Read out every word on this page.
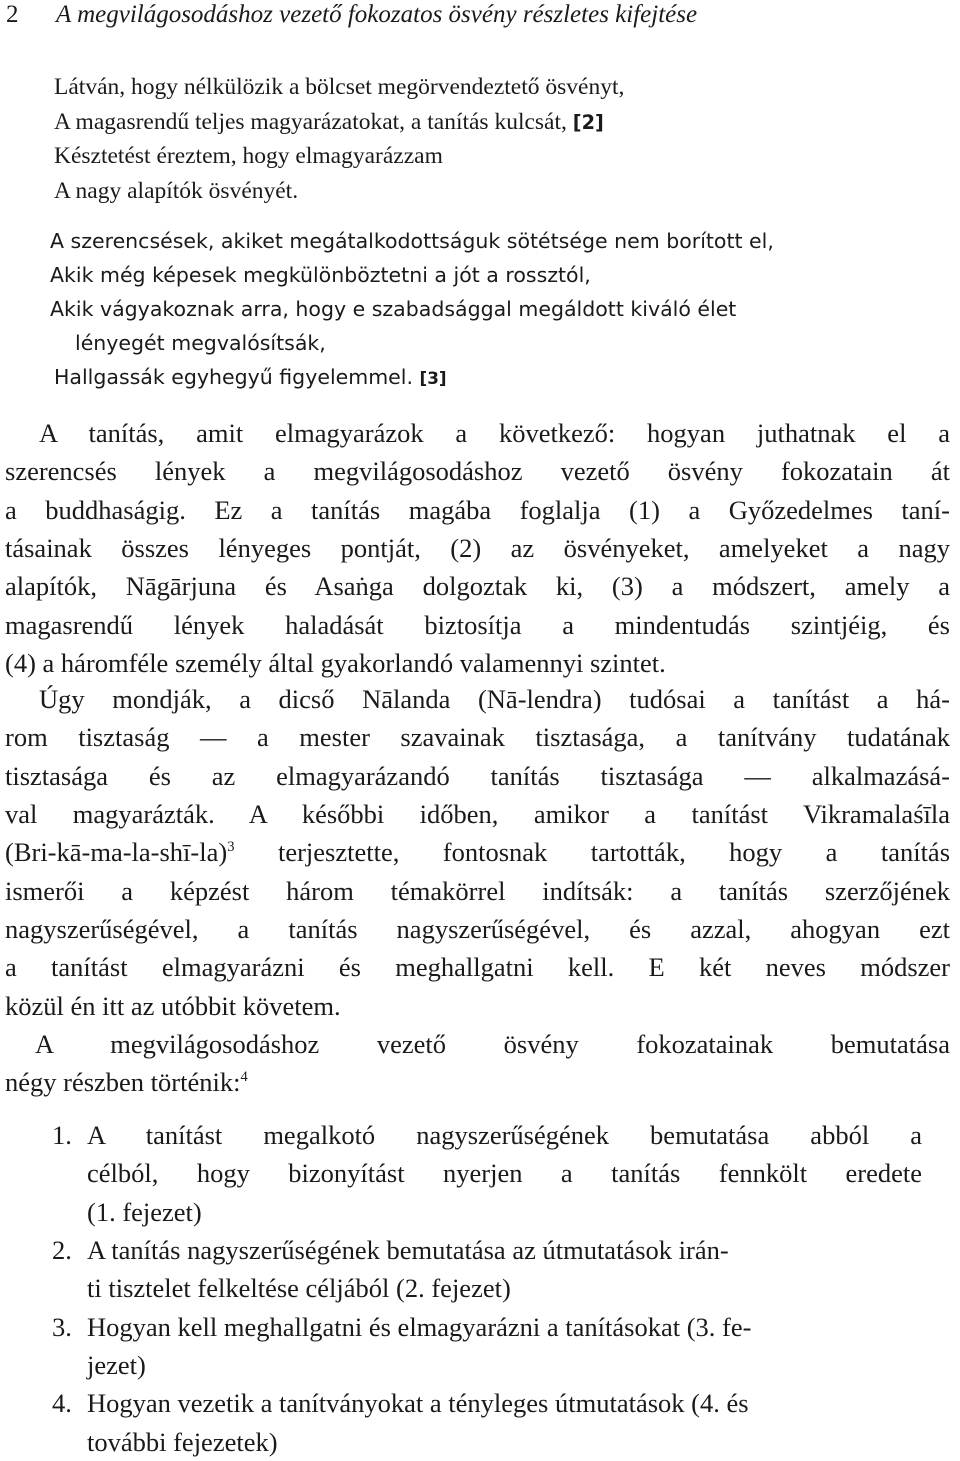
2 A megvilágosodáshoz vezető fokozatos ösvény részletes kifejtése
Látván, hogy nélkülözik a bölcset megörvendeztető ösvényt,
A magasrendű teljes magyarázatokat, a tanítás kulcsát, [2]
Késztetést éreztem, hogy elmagyarázzam
A nagy alapítók ösvényét.
A szerencsések, akiket megátalkodottságuk sötétsége nem borított el,
Akik még képesek megkülönböztetni a jót a rossztól,
Akik vágyakoznak arra, hogy e szabadsággal megáldott kiváló élet
lényegét megvalósítsák,
Hallgassák egyhegyű figyelemmel. [3]
A tanítás, amit elmagyarázok a következő: hogyan juthatnak el a
szerencsés lények a megvilágosodáshoz vezető ösvény fokozatain át
a buddhaságig. Ez a tanítás magába foglalja (1) a Győzedelmes taní-
tásainak összes lényeges pontját, (2) az ösvényeket, amelyeket a nagy
alapítók, Nāgārjuna és Asaṅga dolgoztak ki, (3) a módszert, amely a
magasrendű lények haladását biztosítja a mindentudás szintjéig, és
(4) a háromféle személy által gyakorlandó valamennyi szintet.
Úgy mondják, a dicső Nālanda (Nā-lendra) tudósai a tanítást a há-
rom tisztaság — a mester szavainak tisztasága, a tanítvány tudatának
tisztasága és az elmagyarázandó tanítás tisztasága — alkalmazásá-
val magyarázták. A későbbi időben, amikor a tanítást Vikramalaśīla
(Bri-kā-ma-la-shī-la)$^3$ terjesztette, fontosnak tartották, hogy a tanítás
ismerői a képzést három témakörrel indítsák: a tanítás szerzőjének
nagyszerűségével, a tanítás nagyszerűségével, és azzal, ahogyan ezt
a tanítást elmagyarázni és meghallgatni kell. E két neves módszer
közül én itt az utóbbit követem.
A megvilágosodáshoz vezető ösvény fokozatainak bemutatása
négy részben történik:$^4$
1. A tanítást megalkotó nagyszerűségének bemutatása abból a
célból, hogy bizonyítást nyerjen a tanítás fennkölt eredete
(1. fejezet)
2. A tanítás nagyszerűségének bemutatása az útmutatások irán-
ti tisztelet felkeltése céljából (2. fejezet)
3. Hogyan kell meghallgatni és elmagyarázni a tanításokat (3. fe-
jezet)
4. Hogyan vezetik a tanítványokat a tényleges útmutatások (4. és
további fejezetek)
